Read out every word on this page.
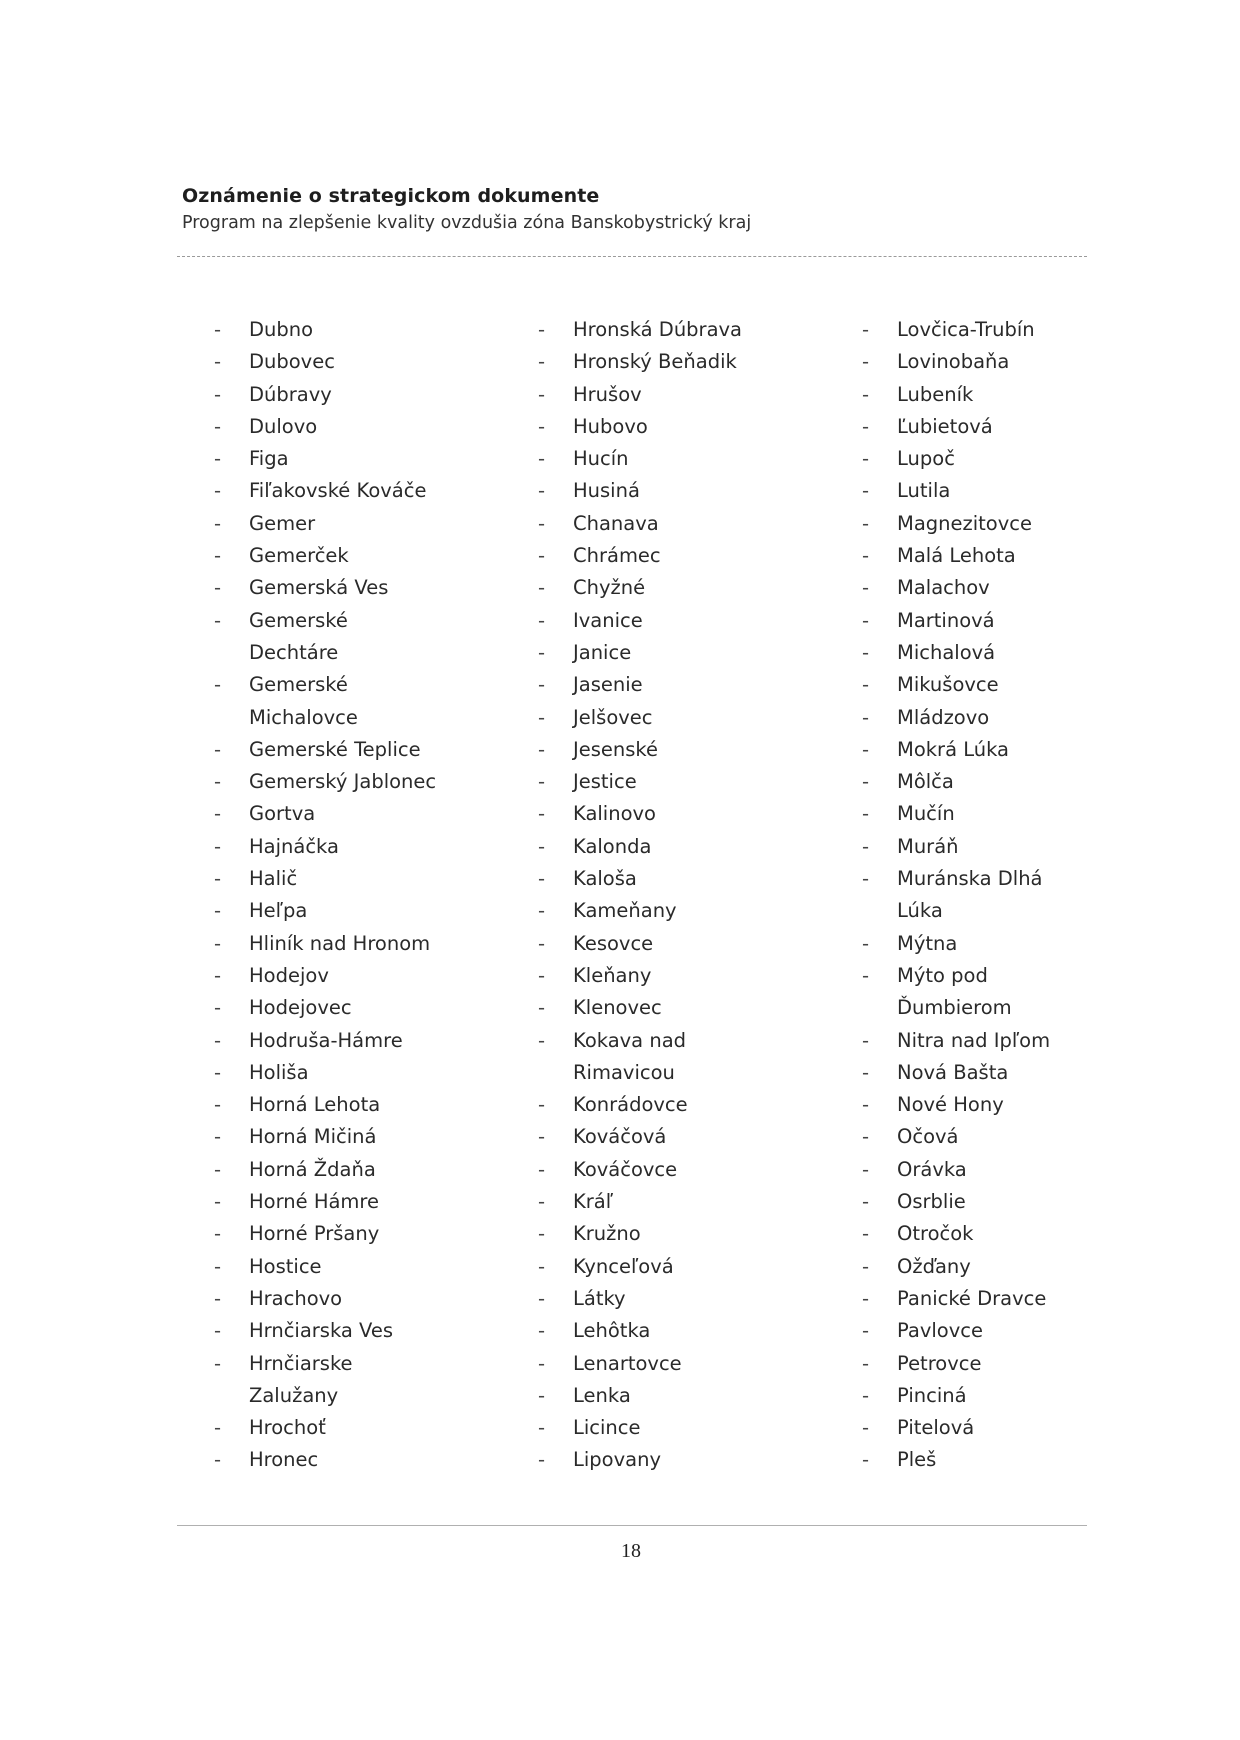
Oznámenie o strategickom dokumente
Program na zlepšenie kvality ovzdušia zóna Banskobystrický kraj
-	Dubno
-	Dubovec
-	Dúbravy
-	Dulovo
-	Figa
-	Fiľakovské Kováče
-	Gemer
-	Gemerček
-	Gemerská Ves
-	Gemerské
Dechtáre
-	Gemerské
Michalovce
-	Gemerské Teplice
-	Gemerský Jablonec
-	Gortva
-	Hajnáčka
-	Halič
-	Heľpa
-	Hliník nad Hronom
-	Hodejov
-	Hodejovec
-	Hodruša-Hámre
-	Holiša
-	Horná Lehota
-	Horná Mičiná
-	Horná Ždaňa
-	Horné Hámre
-	Horné Pršany
-	Hostice
-	Hrachovo
-	Hrnčiarska Ves
-	Hrnčiarske
Zalužany
-	Hrochoť
-	Hronec
-	Hronská Dúbrava
-	Hronský Beňadik
-	Hrušov
-	Hubovo
-	Hucín
-	Husiná
-	Chanava
-	Chrámec
-	Chyžné
-	Ivanice
-	Janice
-	Jasenie
-	Jelšovec
-	Jesenské
-	Jestice
-	Kalinovo
-	Kalonda
-	Kaloša
-	Kameňany
-	Kesovce
-	Kleňany
-	Klenovec
-	Kokava nad
Rimavicou
-	Konrádovce
-	Kováčová
-	Kováčovce
-	Kráľ
-	Kružno
-	Kynceľová
-	Látky
-	Lehôtka
-	Lenartovce
-	Lenka
-	Licince
-	Lipovany
-	Lovčica-Trubín
-	Lovinobaňa
-	Lubeník
-	Ľubietová
-	Lupoč
-	Lutila
-	Magnezitovce
-	Malá Lehota
-	Malachov
-	Martinová
-	Michalová
-	Mikušovce
-	Mládzovo
-	Mokrá Lúka
-	Môlča
-	Mučín
-	Muráň
-	Muránska Dlhá
Lúka
-	Mýtna
-	Mýto pod
Ďumbierom
-	Nitra nad Ipľom
-	Nová Bašta
-	Nové Hony
-	Očová
-	Orávka
-	Osrblie
-	Otročok
-	Ožďany
-	Panické Dravce
-	Pavlovce
-	Petrovce
-	Pinciná
-	Pitelová
-	Pleš
18
